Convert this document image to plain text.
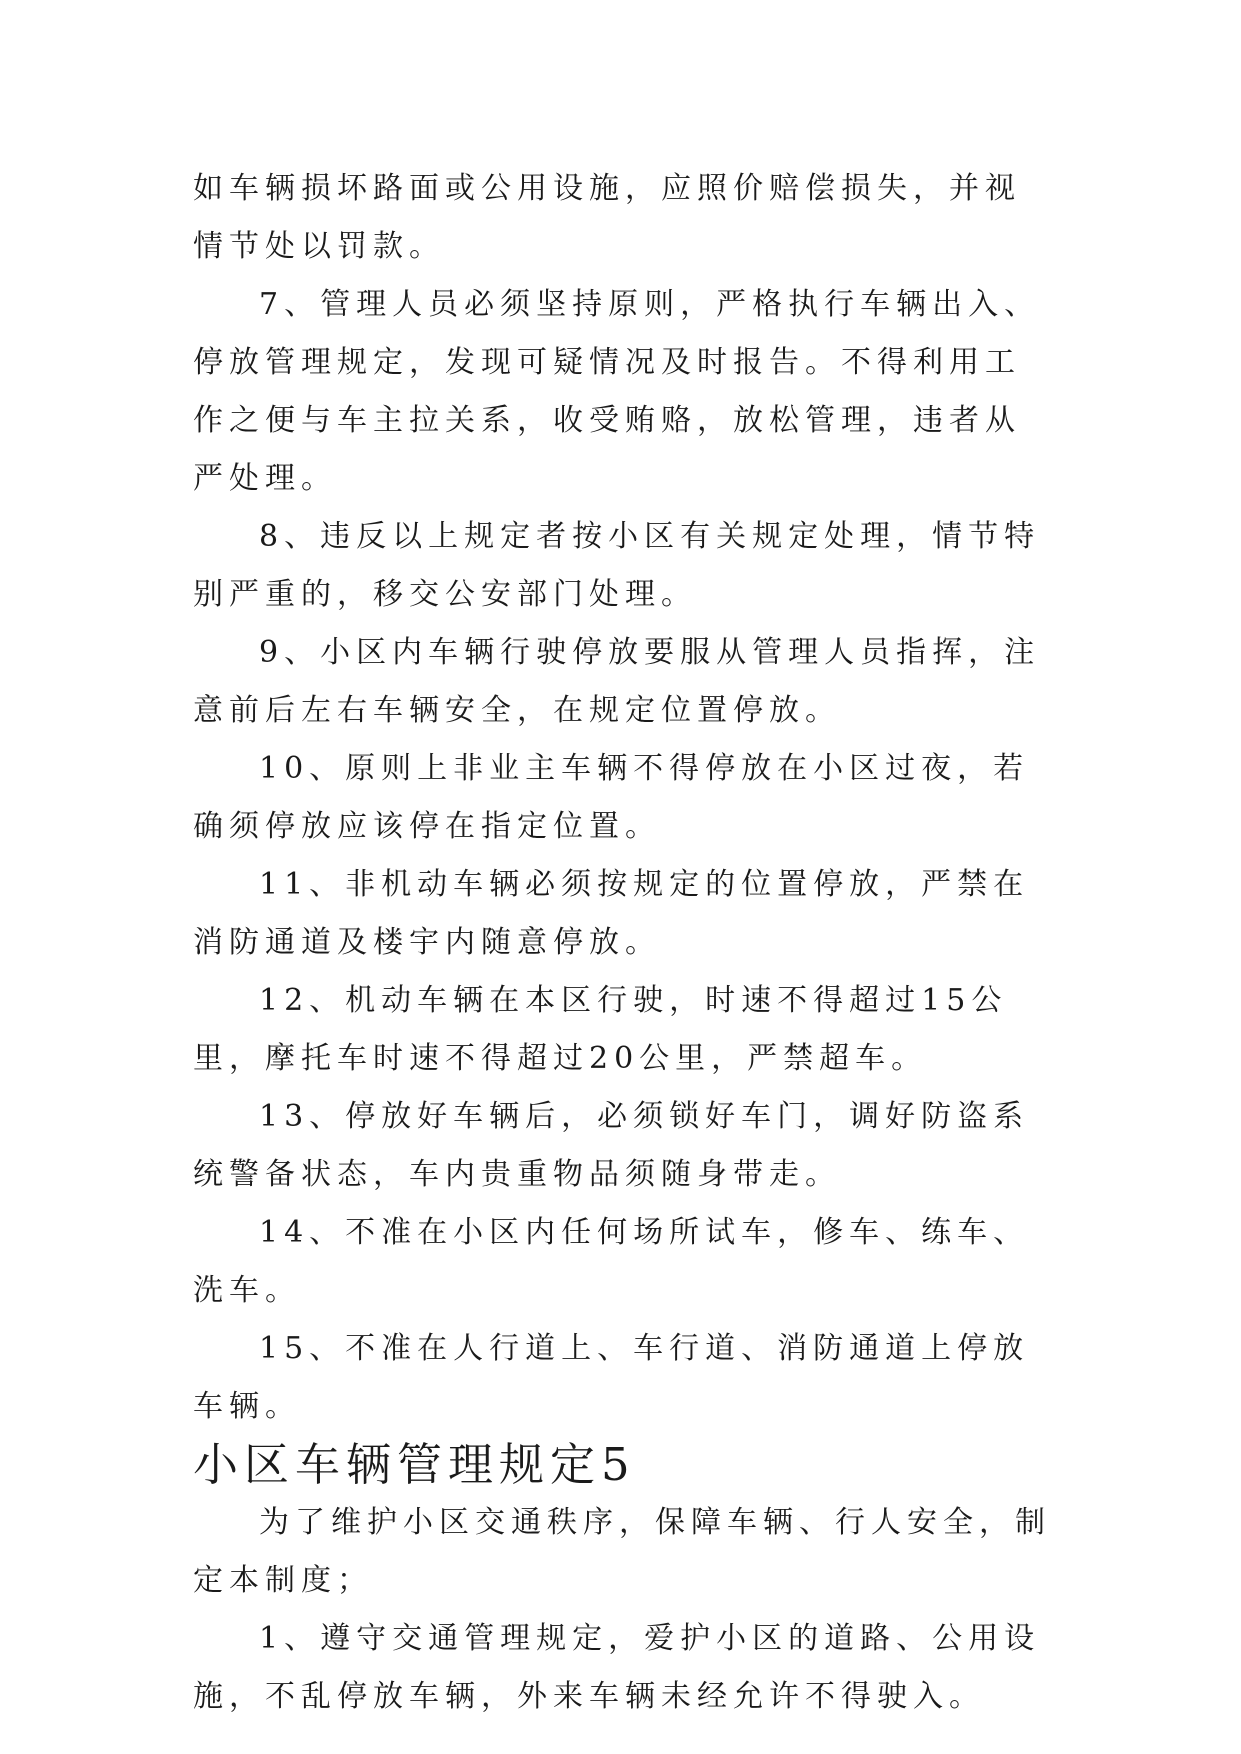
如车辆损坏路面或公用设施，应照价赔偿损失，并视情节处以罚款。

7、管理人员必须坚持原则，严格执行车辆出入、停放管理规定，发现可疑情况及时报告。不得利用工作之便与车主拉关系，收受贿赂，放松管理，违者从严处理。

8、违反以上规定者按小区有关规定处理，情节特别严重的，移交公安部门处理。

9、小区内车辆行驶停放要服从管理人员指挥，注意前后左右车辆安全，在规定位置停放。

10、原则上非业主车辆不得停放在小区过夜，若确须停放应该停在指定位置。

11、非机动车辆必须按规定的位置停放，严禁在消防通道及楼宇内随意停放。

12、机动车辆在本区行驶，时速不得超过15公里，摩托车时速不得超过20公里，严禁超车。

13、停放好车辆后，必须锁好车门，调好防盗系统警备状态，车内贵重物品须随身带走。

14、不准在小区内任何场所试车，修车、练车、洗车。

15、不准在人行道上、车行道、消防通道上停放车辆。

小区车辆管理规定5

为了维护小区交通秩序，保障车辆、行人安全，制定本制度；

1、遵守交通管理规定，爱护小区的道路、公用设施，不乱停放车辆，外来车辆未经允许不得驶入。
